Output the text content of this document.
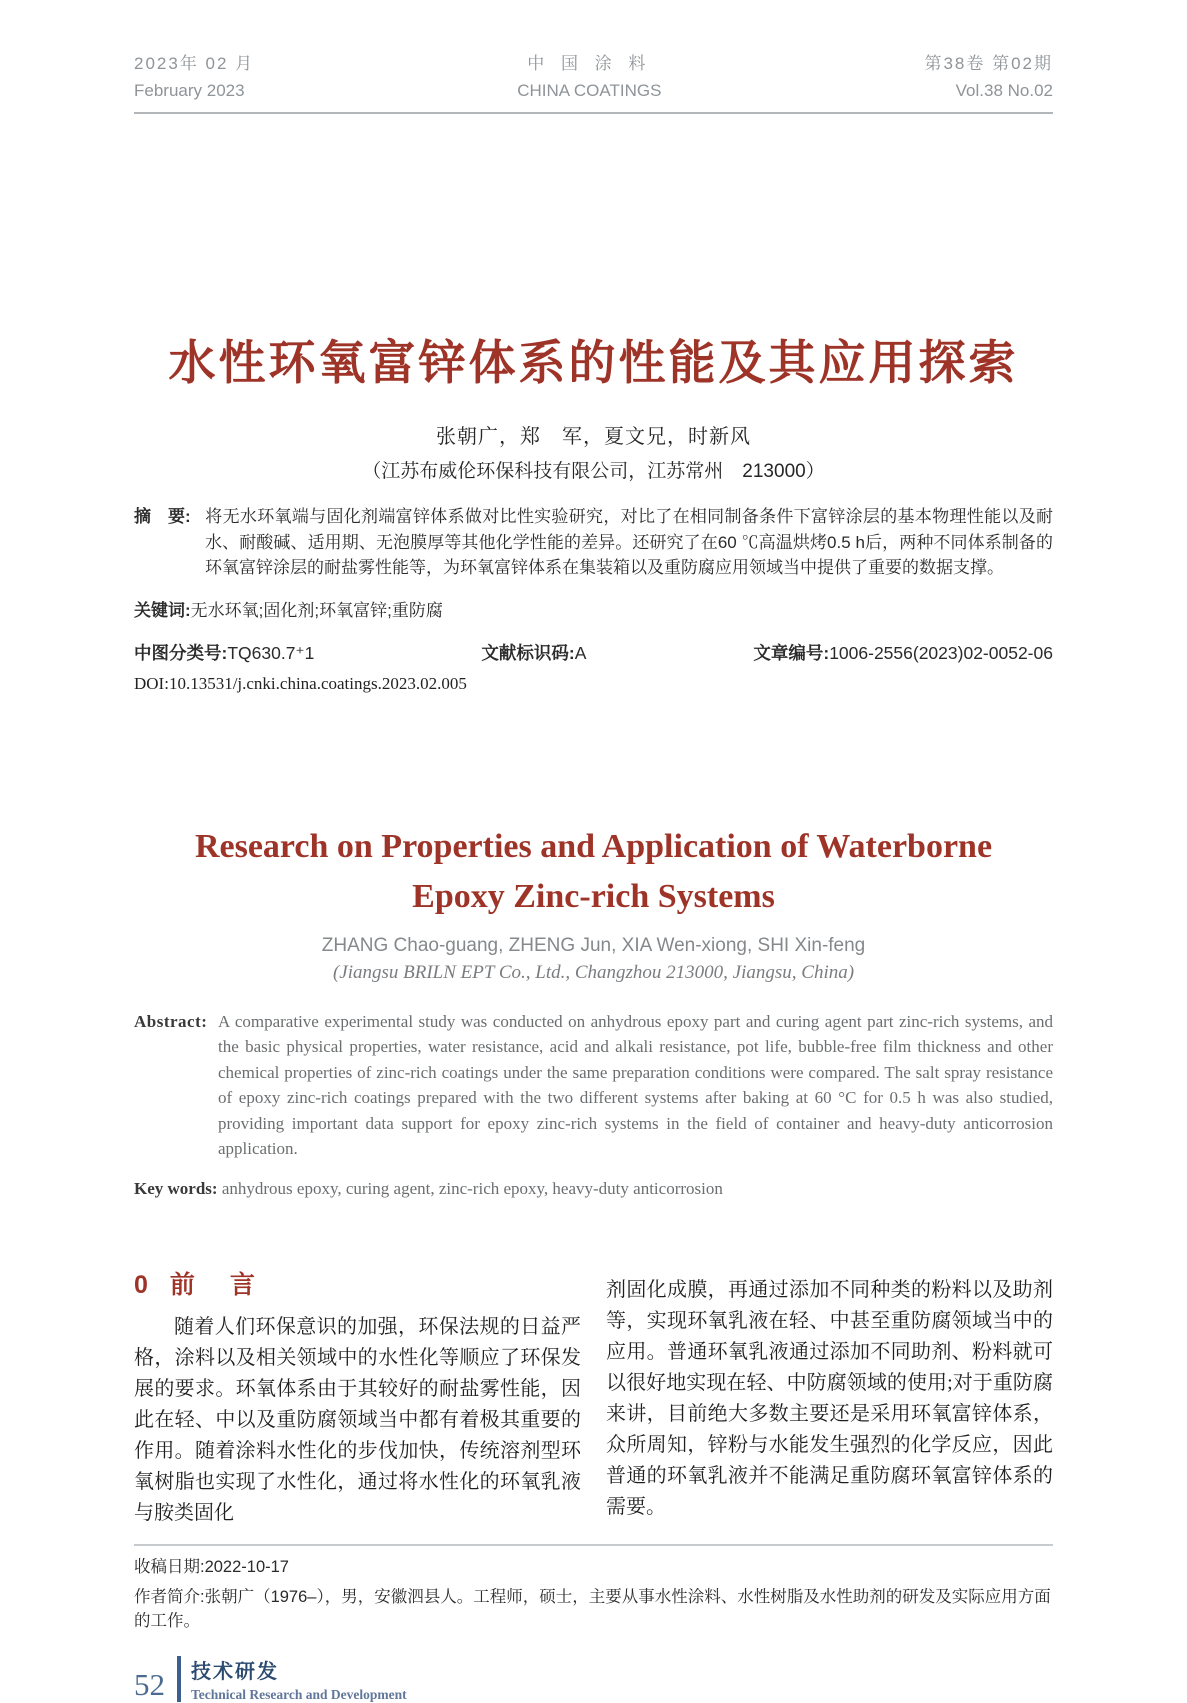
2023年 02 月
February 2023
中 国 涂 料
CHINA COATINGS
第38卷 第02期
Vol.38 No.02
水性环氧富锌体系的性能及其应用探索
张朝广，郑　军，夏文兄，时新风
（江苏布威伦环保科技有限公司，江苏常州　213000）

摘　要: 将无水环氧端与固化剂端富锌体系做对比性实验研究，对比了在相同制备条件下富锌涂层的基本物理性能以及耐水、耐酸碱、适用期、无泡膜厚等其他化学性能的差异。还研究了在60 ℃高温烘烤0.5 h后，两种不同体系制备的环氧富锌涂层的耐盐雾性能等，为环氧富锌体系在集装箱以及重防腐应用领域当中提供了重要的数据支撑。

关键词:无水环氧;固化剂;环氧富锌;重防腐

中图分类号:TQ630.7⁺1	文献标识码:A	文章编号:1006-2556(2023)02-0052-06
DOI:10.13531/j.cnki.china.coatings.2023.02.005
Research on Properties and Application of Waterborne
Epoxy Zinc-rich Systems
ZHANG Chao-guang, ZHENG Jun, XIA Wen-xiong, SHI Xin-feng
(Jiangsu BRILN EPT Co., Ltd., Changzhou 213000, Jiangsu, China)

Abstract: A comparative experimental study was conducted on anhydrous epoxy part and curing agent part zinc-rich systems, and the basic physical properties, water resistance, acid and alkali resistance, pot life, bubble-free film thickness and other chemical properties of zinc-rich coatings under the same preparation conditions were compared. The salt spray resistance of epoxy zinc-rich coatings prepared with the two different systems after baking at 60 °C for 0.5 h was also studied, providing important data support for epoxy zinc-rich systems in the field of container and heavy-duty anticorrosion application.

Key words: anhydrous epoxy, curing agent, zinc-rich epoxy, heavy-duty anticorrosion

0 前 言

随着人们环保意识的加强，环保法规的日益严格，涂料以及相关领域中的水性化等顺应了环保发展的要求。环氧体系由于其较好的耐盐雾性能，因此在轻、中以及重防腐领域当中都有着极其重要的作用。随着涂料水性化的步伐加快，传统溶剂型环氧树脂也实现了水性化，通过将水性化的环氧乳液与胺类固化

剂固化成膜，再通过添加不同种类的粉料以及助剂等，实现环氧乳液在轻、中甚至重防腐领域当中的应用。普通环氧乳液通过添加不同助剂、粉料就可以很好地实现在轻、中防腐领域的使用;对于重防腐来讲，目前绝大多数主要还是采用环氧富锌体系，众所周知，锌粉与水能发生强烈的化学反应，因此普通的环氧乳液并不能满足重防腐环氧富锌体系的需要。

收稿日期:2022-10-17

作者简介:张朝广（1976–），男，安徽泗县人。工程师，硕士，主要从事水性涂料、水性树脂及水性助剂的研发及实际应用方面的工作。

52 技术研发
Technical Research and Development
